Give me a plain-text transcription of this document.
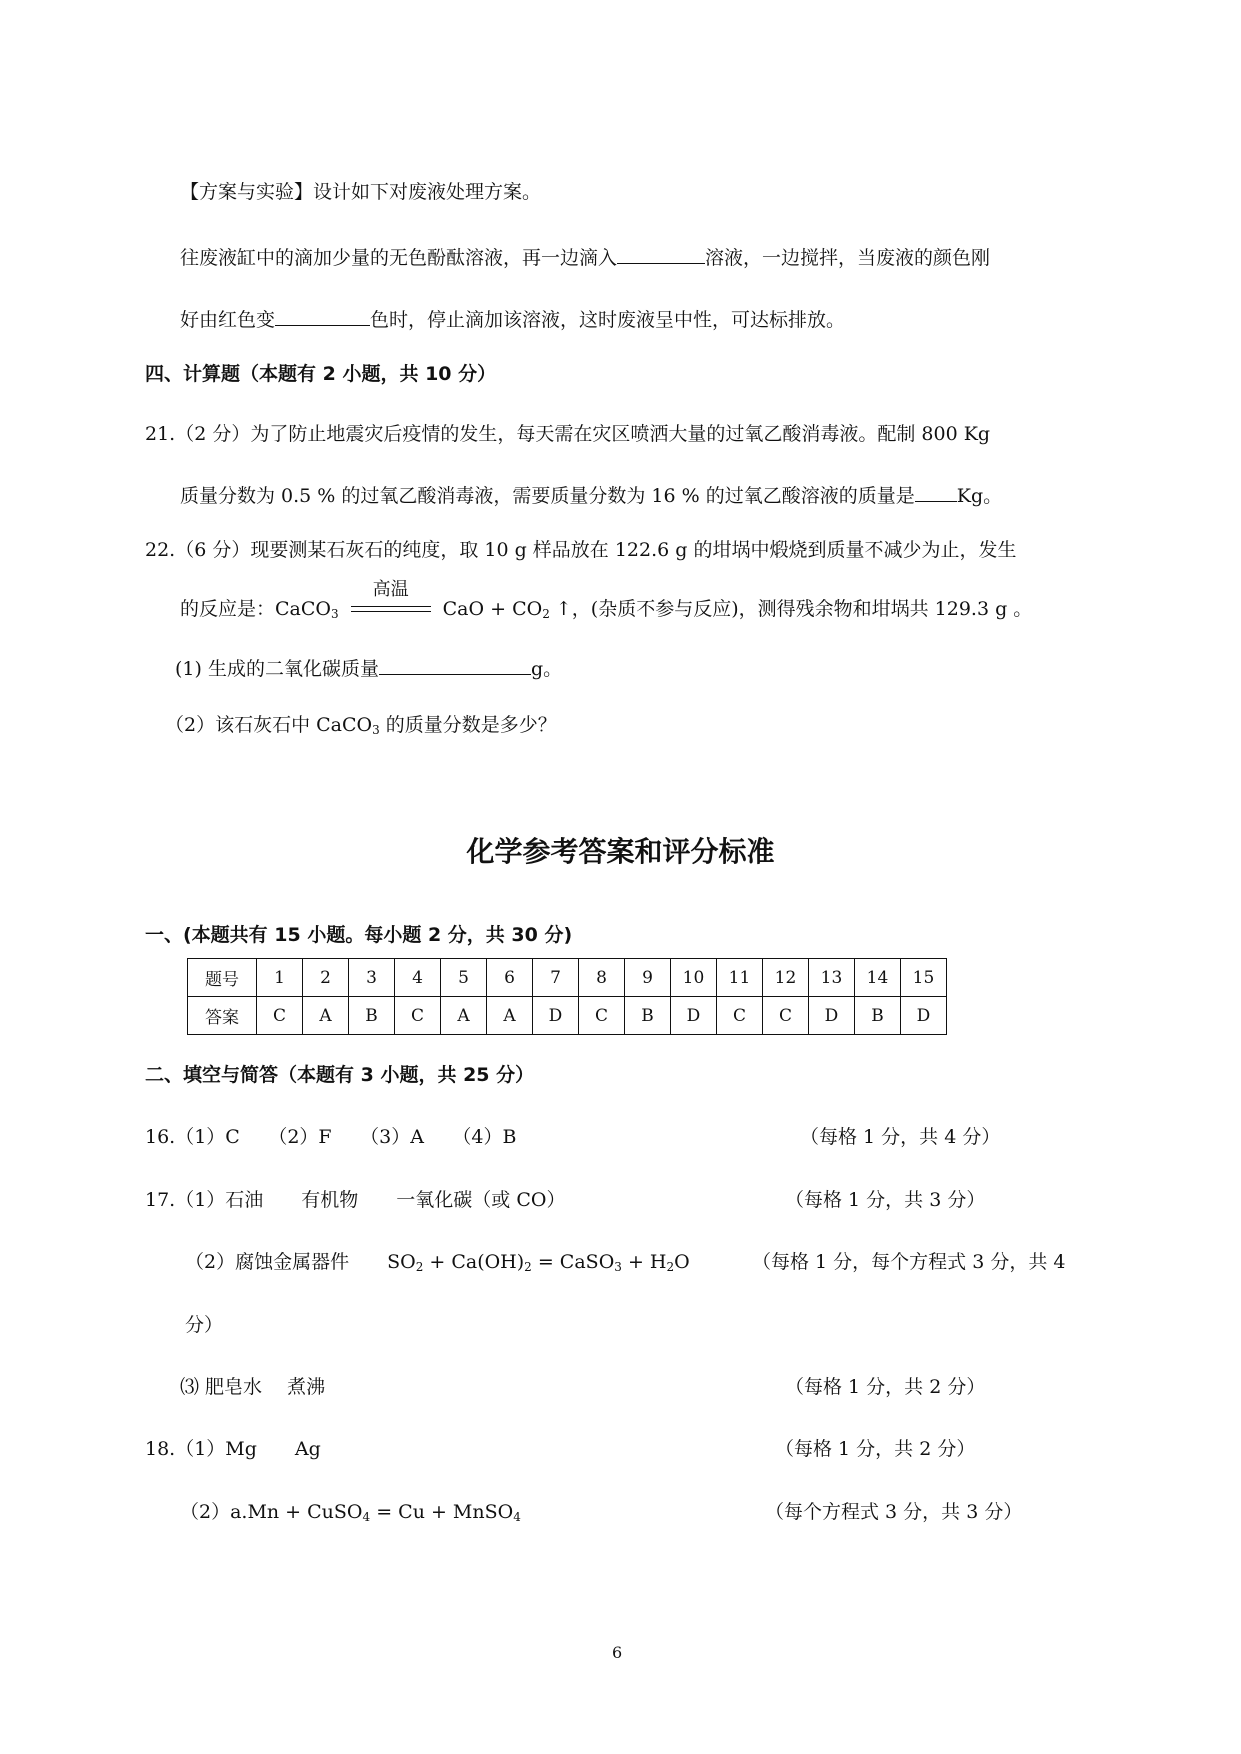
【方案与实验】设计如下对废液处理方案。
往废液缸中的滴加少量的无色酚酞溶液，再一边滴入	溶液，一边搅拌，当废液的颜色刚
好由红色变	色时，停止滴加该溶液，这时废液呈中性，可达标排放。
四、计算题（本题有 2 小题，共 10 分）
21.（2 分）为了防止地震灾后疫情的发生，每天需在灾区喷洒大量的过氧乙酸消毒液。配制 800 Kg
质量分数为 0.5 % 的过氧乙酸消毒液，需要质量分数为 16 % 的过氧乙酸溶液的质量是 Kg。
22.（6 分）现要测某石灰石的纯度，取 10 g 样品放在 122.6 g 的坩埚中煅烧到质量不减少为止，发生
的反应是：CaCO$_3$
高温
CaO + $CO_2$ ↑，(杂质不参与反应)，测得残余物和坩埚共 129.3 g 。
(1) 生成的二氧化碳质量	g。
（2）该石灰石中 CaCO$_3$ 的质量分数是多少？
化学参考答案和评分标准
一、(本题共有 15 小题。每小题 2 分，共 30 分)
题号	1	2	3	4	5	6	7	8	9	10	11	12	13	14	15
答案	C	A	B	C	A	A	D	C	B	D	C	C	D	B	D
二、填空与简答（本题有 3 小题，共 25 分）
16.（1）C　　（2）F　　（3）A　　（4）B	（每格 1 分，共 4 分）
17.（1）石油　　有机物　　一氧化碳（或 CO）	（每格 1 分，共 3 分）
（2）腐蚀金属器件　　$SO_2 + Ca(OH)_2$ = CaSO$_3$ + $H_2O$	（每格 1 分，每个方程式 3 分，共 4
分）
⑶ 肥皂水　 煮沸	（每格 1 分，共 2 分）
18.（1）Mg　　Ag	（每格 1 分，共 2 分）
（2）a.Mn + CuSO$_4$ = Cu + MnSO$_4$	（每个方程式 3 分，共 3 分）
6
